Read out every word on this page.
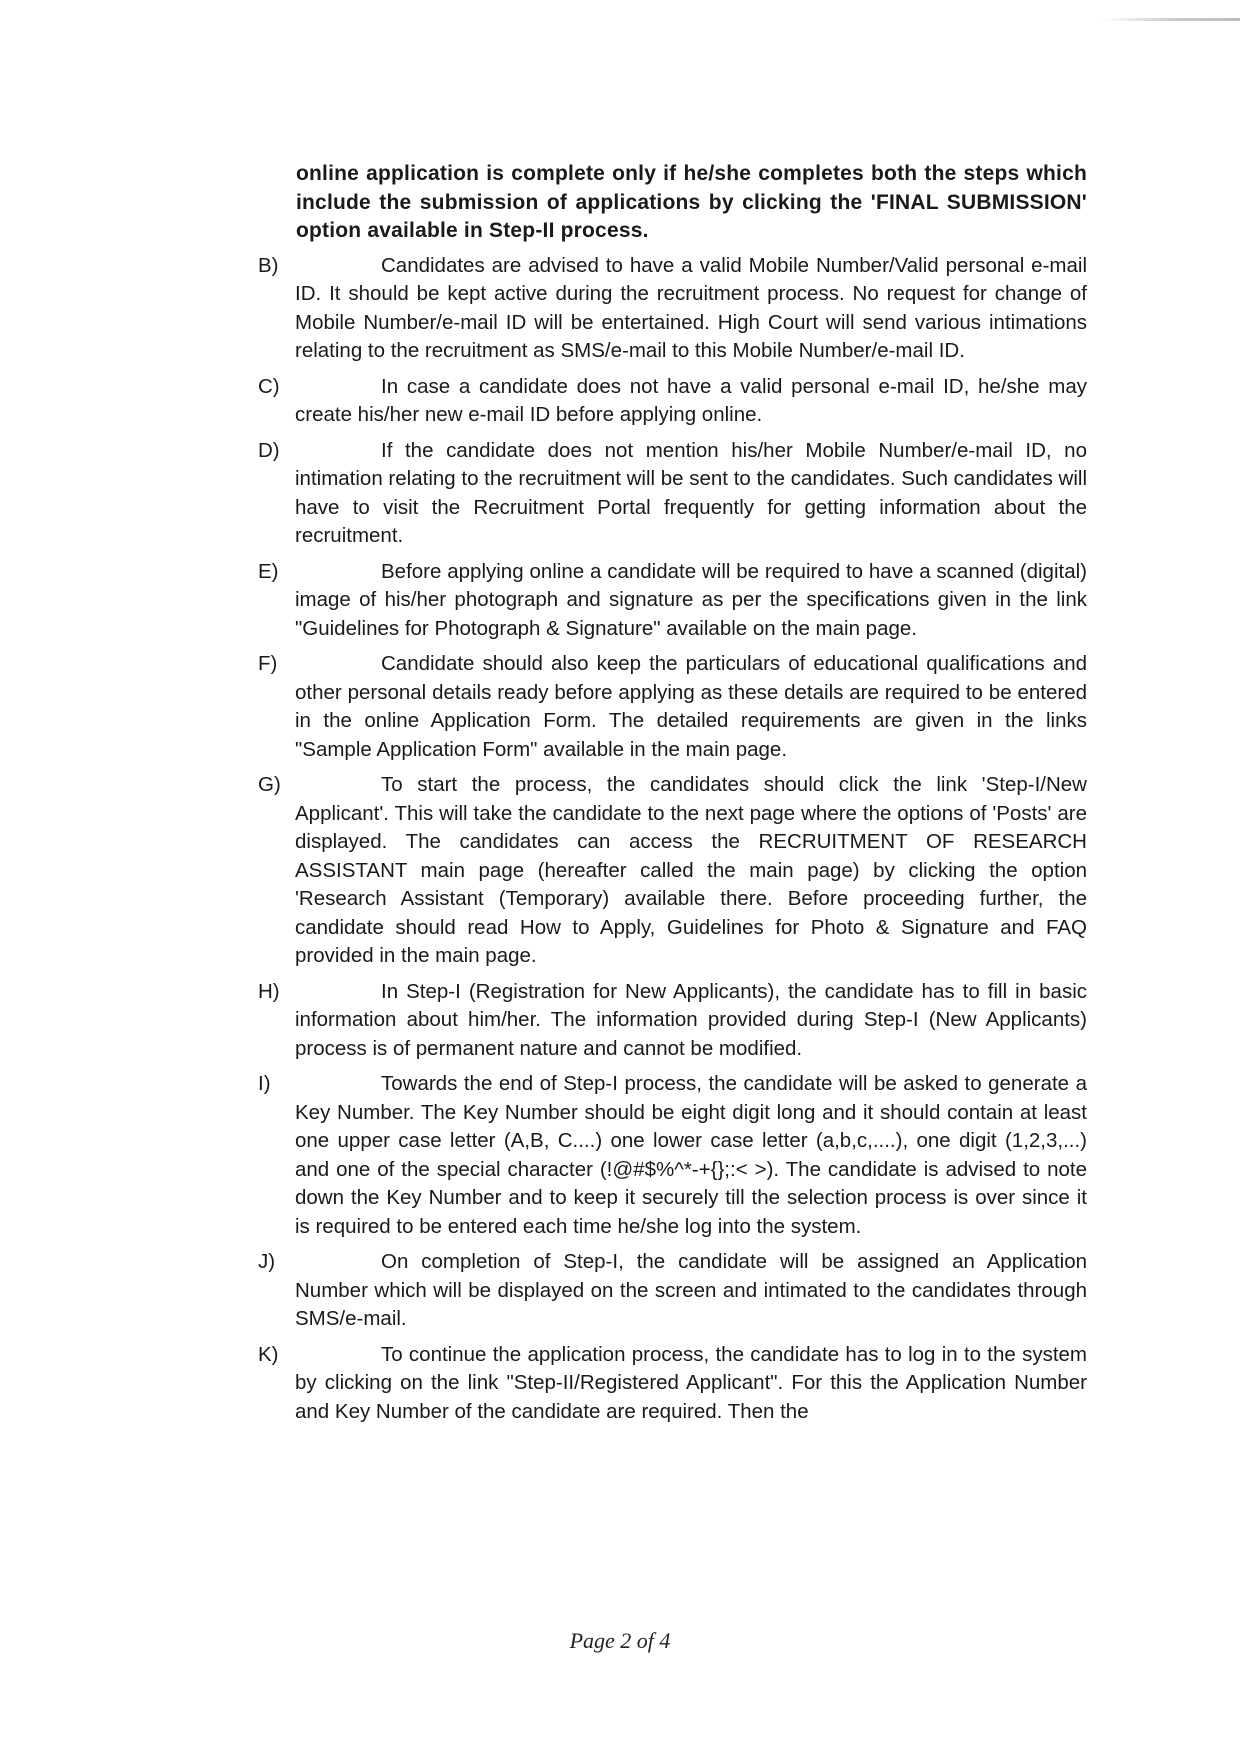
online application is complete only if he/she completes both the steps which include the submission of applications by clicking the 'FINAL SUBMISSION' option available in Step-II process.

B)	Candidates are advised to have a valid Mobile Number/Valid personal e-mail ID. It should be kept active during the recruitment process. No request for change of Mobile Number/e-mail ID will be entertained. High Court will send various intimations relating to the recruitment as SMS/e-mail to this Mobile Number/e-mail ID.
C)	In case a candidate does not have a valid personal e-mail ID, he/she may create his/her new e-mail ID before applying online.
D)	If the candidate does not mention his/her Mobile Number/e-mail ID, no intimation relating to the recruitment will be sent to the candidates. Such candidates will have to visit the Recruitment Portal frequently for getting information about the recruitment.
E)	Before applying online a candidate will be required to have a scanned (digital) image of his/her photograph and signature as per the specifications given in the link "Guidelines for Photograph & Signature" available on the main page.
F)	Candidate should also keep the particulars of educational qualifications and other personal details ready before applying as these details are required to be entered in the online Application Form. The detailed requirements are given in the links "Sample Application Form" available in the main page.
G)	To start the process, the candidates should click the link 'Step-I/New Applicant'. This will take the candidate to the next page where the options of 'Posts' are displayed. The candidates can access the RECRUITMENT OF RESEARCH ASSISTANT main page (hereafter called the main page) by clicking the option 'Research Assistant (Temporary) available there. Before proceeding further, the candidate should read How to Apply, Guidelines for Photo & Signature and FAQ provided in the main page.
H)	In Step-I (Registration for New Applicants), the candidate has to fill in basic information about him/her. The information provided during Step-I (New Applicants) process is of permanent nature and cannot be modified.
I)	Towards the end of Step-I process, the candidate will be asked to generate a Key Number. The Key Number should be eight digit long and it should contain at least one upper case letter (A,B, C....) one lower case letter (a,b,c,....), one digit (1,2,3,...) and one of the special character (!@#$%^*-+{};:< >). The candidate is advised to note down the Key Number and to keep it securely till the selection process is over since it is required to be entered each time he/she log into the system.
J)	On completion of Step-I, the candidate will be assigned an Application Number which will be displayed on the screen and intimated to the candidates through SMS/e-mail.
K)	To continue the application process, the candidate has to log in to the system by clicking on the link "Step-II/Registered Applicant". For this the Application Number and Key Number of the candidate are required. Then the
Page 2 of 4
